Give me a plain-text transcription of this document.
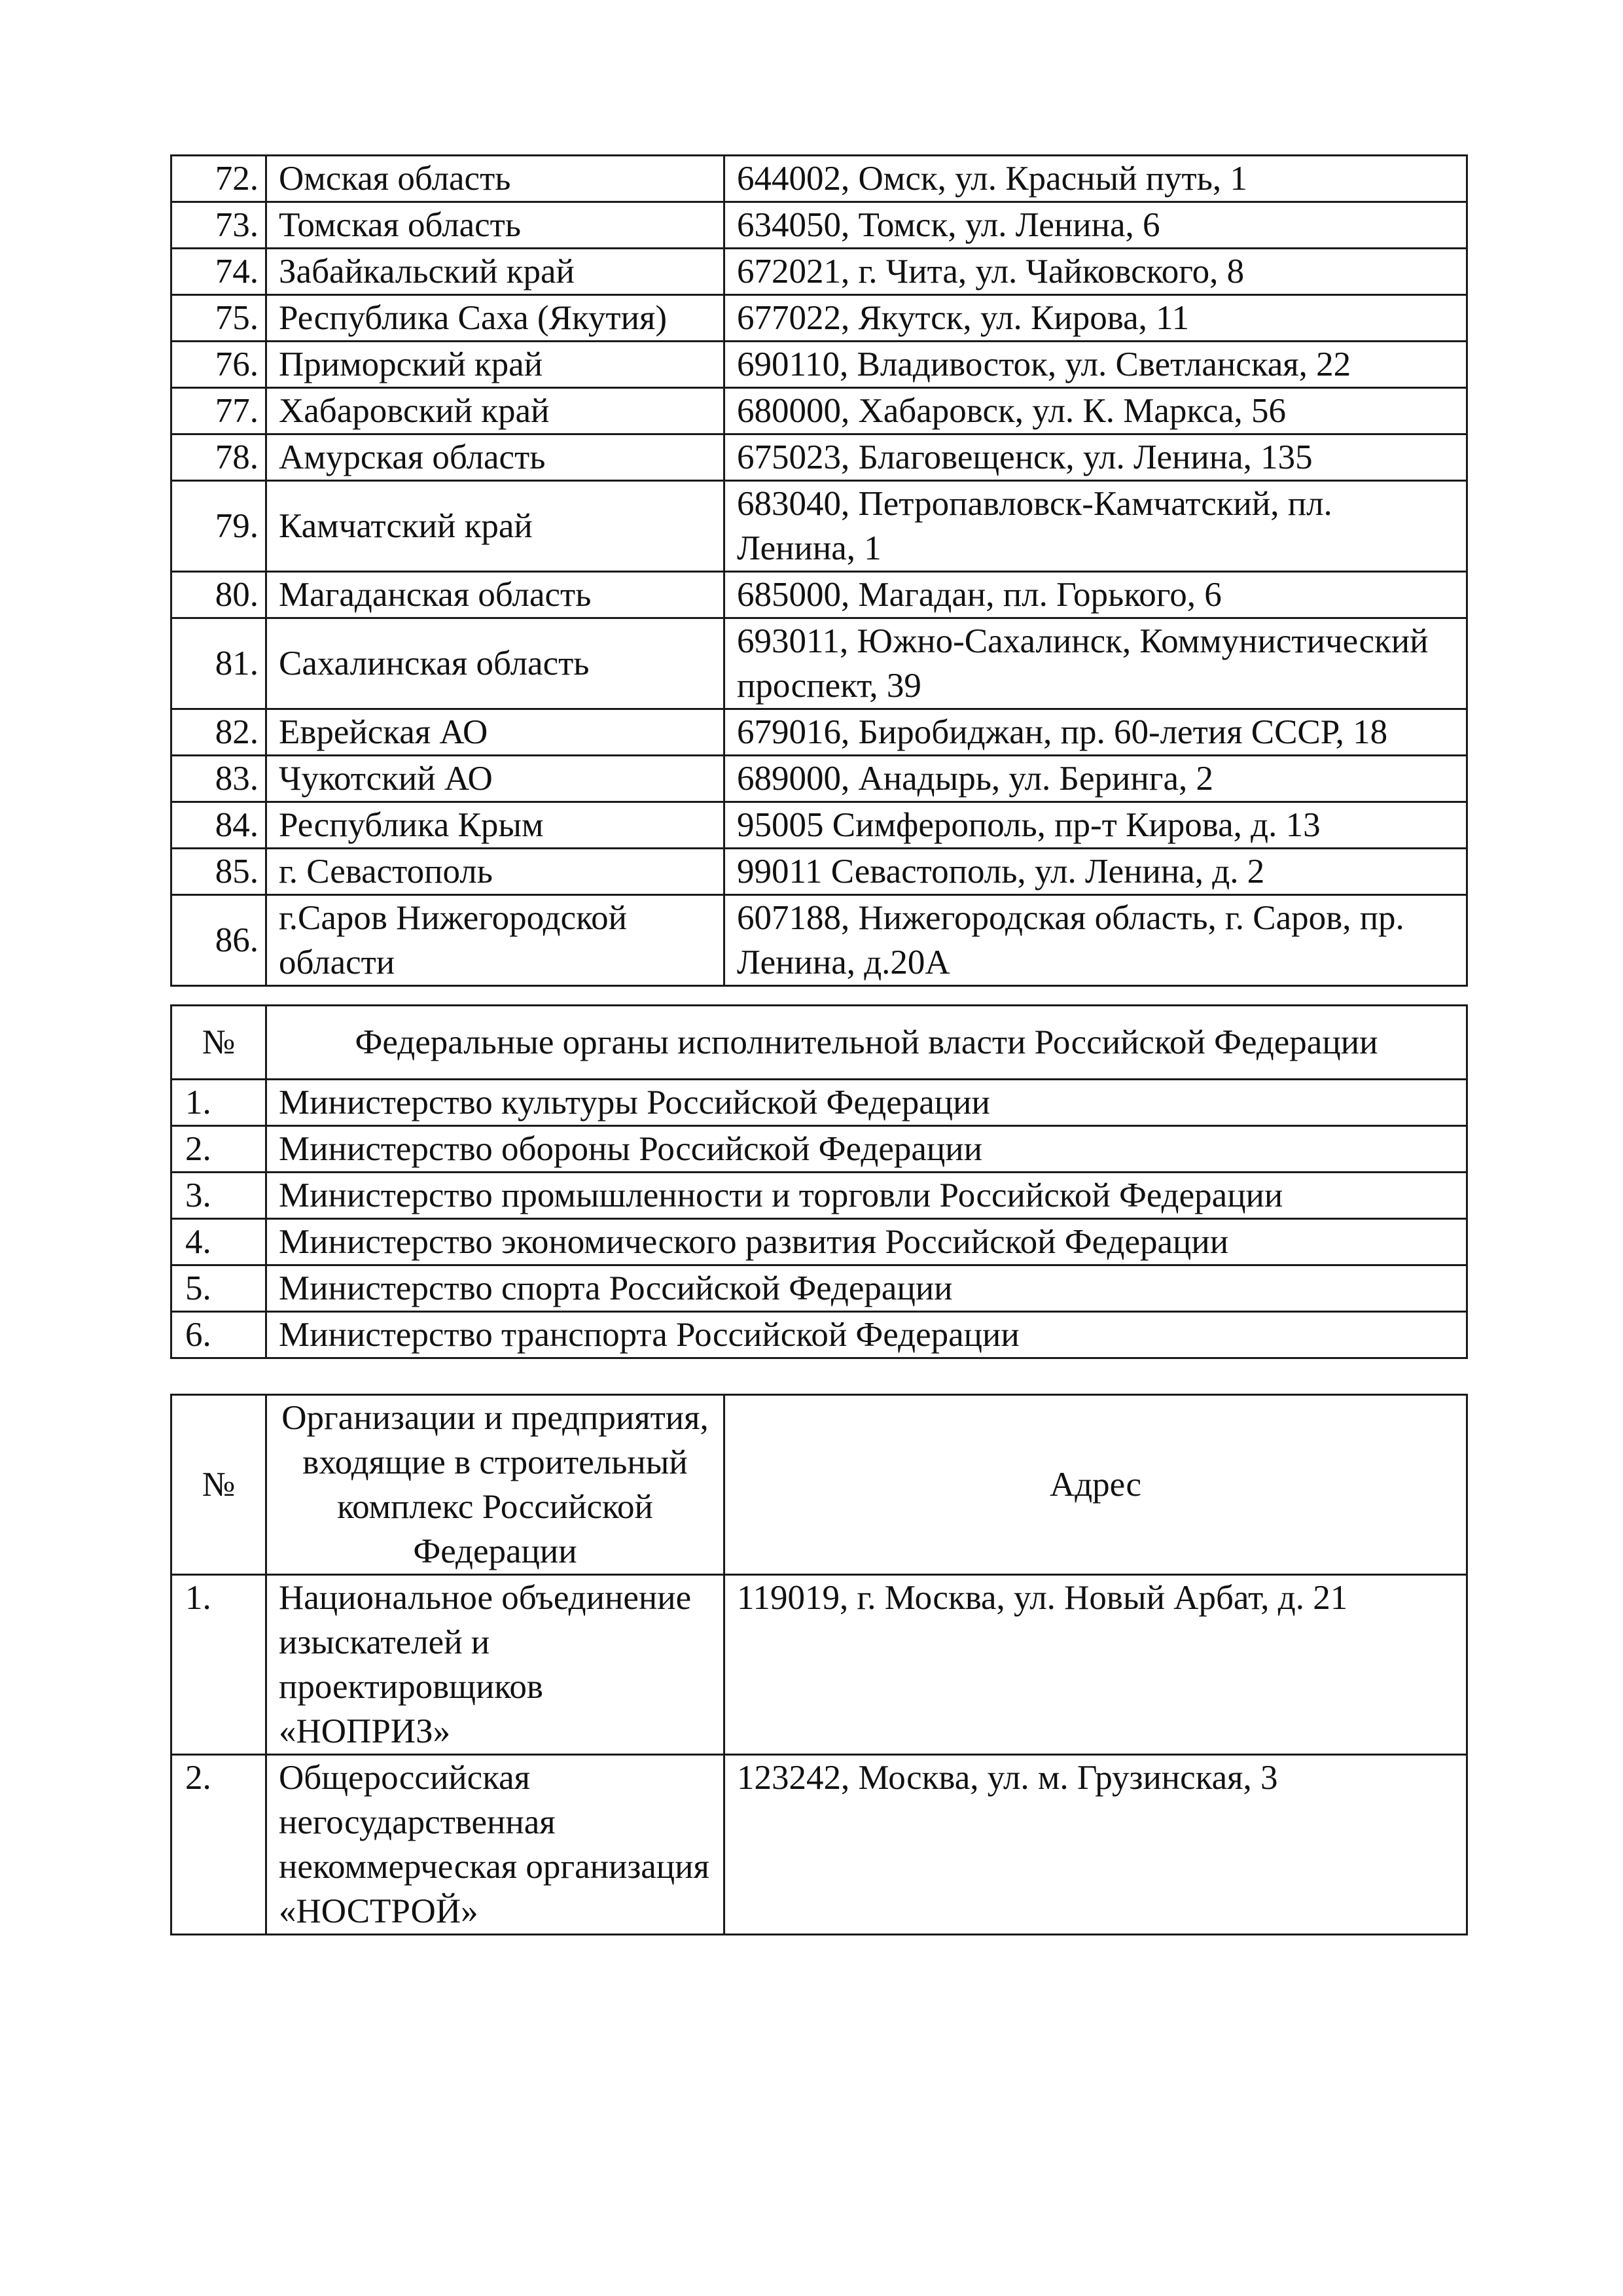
72.	Омская область	644002, Омск, ул. Красный путь, 1
73.	Томская область	634050, Томск, ул. Ленина, 6
74.	Забайкальский край	672021, г. Чита, ул. Чайковского, 8
75.	Республика Саха (Якутия)	677022, Якутск, ул. Кирова, 11
76.	Приморский край	690110, Владивосток, ул. Светланская, 22
77.	Хабаровский край	680000, Хабаровск, ул. К. Маркса, 56
78.	Амурская область	675023, Благовещенск, ул. Ленина, 135
79.	Камчатский край	683040, Петропавловск-Камчатский, пл. Ленина, 1
80.	Магаданская область	685000, Магадан, пл. Горького, 6
81.	Сахалинская область	693011, Южно-Сахалинск, Коммунистический проспект, 39
82.	Еврейская АО	679016, Биробиджан, пр. 60-летия СССР, 18
83.	Чукотский АО	689000, Анадырь, ул. Беринга, 2
84.	Республика Крым	95005 Симферополь, пр-т Кирова, д. 13
85.	г. Севастополь	99011 Севастополь, ул. Ленина, д. 2
86.	г.Саров Нижегородской области	607188, Нижегородская область, г. Саров, пр. Ленина, д.20А
№	Федеральные органы исполнительной власти Российской Федерации
1.	Министерство культуры Российской Федерации
2.	Министерство обороны Российской Федерации
3.	Министерство промышленности и торговли Российской Федерации
4.	Министерство экономического развития Российской Федерации
5.	Министерство спорта Российской Федерации
6.	Министерство транспорта Российской Федерации
№	Организации и предприятия, входящие в строительный комплекс Российской Федерации	Адрес
1.	Национальное объединение изыскателей и проектировщиков «НОПРИЗ»	119019, г. Москва, ул. Новый Арбат, д. 21
2.	Общероссийская негосударственная некоммерческая организация «НОСТРОЙ»	123242, Москва, ул. м. Грузинская, 3
